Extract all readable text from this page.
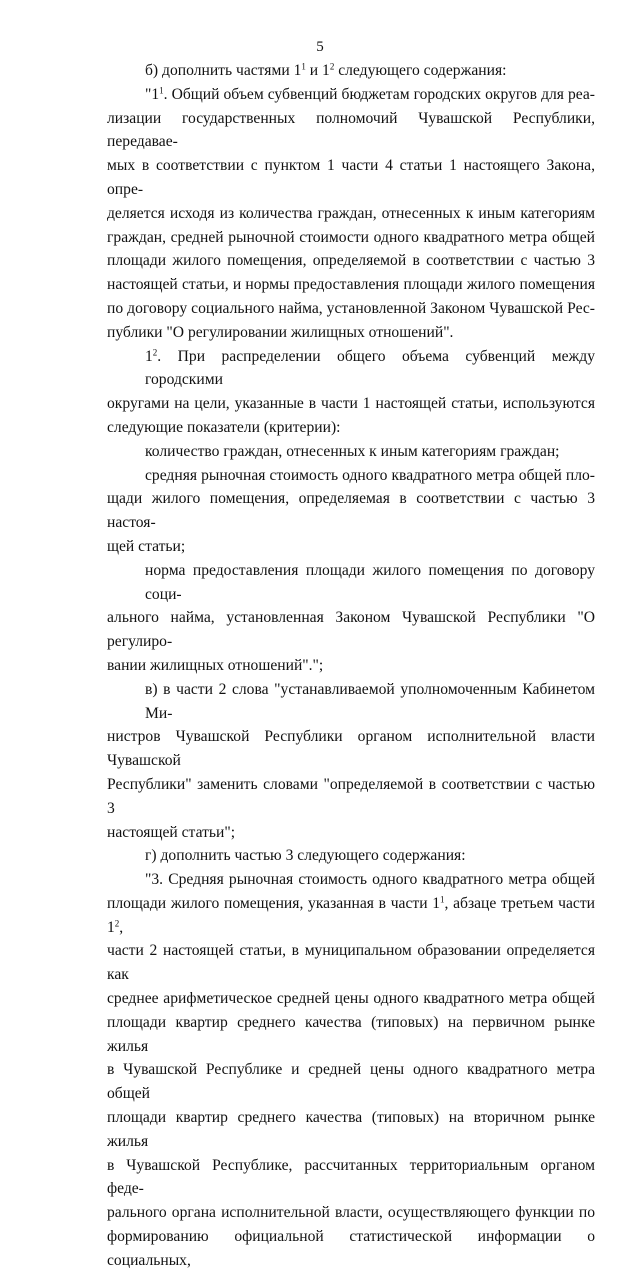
5
б) дополнить частями $1^1$ и $1^2$ следующего содержания:
"$1^1$. Общий объем субвенций бюджетам городских округов для реа-
лизации государственных полномочий Чувашской Республики, передавае-
мых в соответствии с пунктом 1 части 4 статьи 1 настоящего Закона, опре-
деляется исходя из количества граждан, отнесенных к иным категориям
граждан, средней рыночной стоимости одного квадратного метра общей
площади жилого помещения, определяемой в соответствии с частью 3
настоящей статьи, и нормы предоставления площади жилого помещения
по договору социального найма, установленной Законом Чувашской Рес-
публики "О регулировании жилищных отношений".
$1^2$. При распределении общего объема субвенций между городскими
округами на цели, указанные в части 1 настоящей статьи, используются
следующие показатели (критерии):
количество граждан, отнесенных к иным категориям граждан;
средняя рыночная стоимость одного квадратного метра общей пло-
щади жилого помещения, определяемая в соответствии с частью 3 настоя-
щей статьи;
норма предоставления площади жилого помещения по договору соци-
ального найма, установленная Законом Чувашской Республики "О регулиро-
вании жилищных отношений".";
в) в части 2 слова "устанавливаемой уполномоченным Кабинетом Ми-
нистров Чувашской Республики органом исполнительной власти Чувашской
Республики" заменить словами "определяемой в соответствии с частью 3
настоящей статьи";
г) дополнить частью 3 следующего содержания:
"3. Средняя рыночная стоимость одного квадратного метра общей
площади жилого помещения, указанная в части $1^1$, абзаце третьем части $1^2$,
части 2 настоящей статьи, в муниципальном образовании определяется как
среднее арифметическое средней цены одного квадратного метра общей
площади квартир среднего качества (типовых) на первичном рынке жилья
в Чувашской Республике и средней цены одного квадратного метра общей
площади квартир среднего качества (типовых) на вторичном рынке жилья
в Чувашской Республике, рассчитанных территориальным органом феде-
рального органа исполнительной власти, осуществляющего функции по
формированию официальной статистической информации о социальных,
